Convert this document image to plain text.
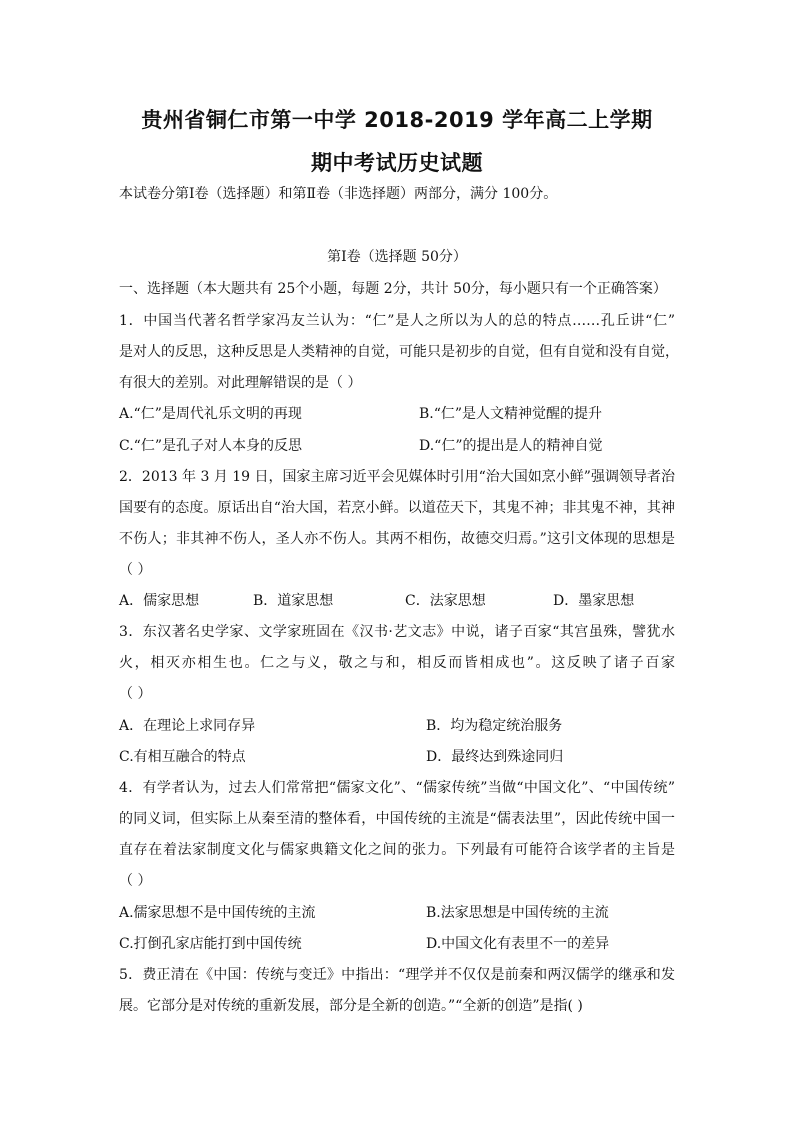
贵州省铜仁市第一中学 2018-2019 学年高二上学期
期中考试历史试题
本试卷分第Ⅰ卷（选择题）和第Ⅱ卷（非选择题）两部分，满分 100分。
第Ⅰ卷（选择题 50分）
一、选择题（本大题共有 25个小题，每题 2分，共计 50分，每小题只有一个正确答案）
1．中国当代著名哲学家冯友兰认为：“仁”是人之所以为人的总的特点……孔丘讲“仁”
是对人的反思，这种反思是人类精神的自觉，可能只是初步的自觉，但有自觉和没有自觉，
有很大的差别。对此理解错误的是（ ）
A.“仁”是周代礼乐文明的再现	B.“仁”是人文精神觉醒的提升
C.“仁”是孔子对人本身的反思	D.“仁”的提出是人的精神自觉
2．2013 年 3 月 19 日，国家主席习近平会见媒体时引用“治大国如烹小鲜”强调领导者治
国要有的态度。原话出自“治大国，若烹小鲜。以道莅天下，其鬼不神；非其鬼不神，其神
不伤人；非其神不伤人，圣人亦不伤人。其两不相伤，故德交归焉。”这引文体现的思想是
（ ）
A．儒家思想	B．道家思想	C．法家思想	D．墨家思想
3．东汉著名史学家、文学家班固在《汉书·艺文志》中说，诸子百家“其宫虽殊，譬犹水
火，相灭亦相生也。仁之与义，敬之与和，相反而皆相成也”。这反映了诸子百家
（ ）
A．在理论上求同存异	B．均为稳定统治服务
C.有相互融合的特点	D．最终达到殊途同归
4．有学者认为，过去人们常常把“儒家文化”、“儒家传统”当做“中国文化”、“中国传统”
的同义词，但实际上从秦至清的整体看，中国传统的主流是“儒表法里”，因此传统中国一
直存在着法家制度文化与儒家典籍文化之间的张力。下列最有可能符合该学者的主旨是
（ ）
A.儒家思想不是中国传统的主流	B.法家思想是中国传统的主流
C.打倒孔家店能打到中国传统	D.中国文化有表里不一的差异
5．费正清在《中国：传统与变迁》中指出：“理学并不仅仅是前秦和两汉儒学的继承和发
展。它部分是对传统的重新发展，部分是全新的创造。”“全新的创造”是指( )
